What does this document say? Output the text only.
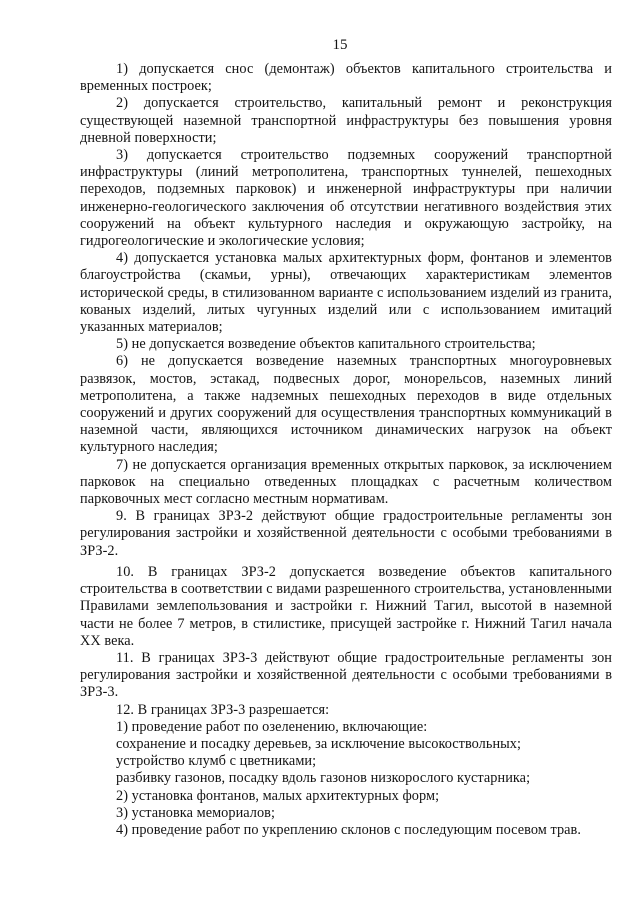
15

1) допускается снос (демонтаж) объектов капитального строительства и временных построек;

2) допускается строительство, капитальный ремонт и реконструкция существующей наземной транспортной инфраструктуры без повышения уровня дневной поверхности;

3) допускается строительство подземных сооружений транспортной инфраструктуры (линий метрополитена, транспортных туннелей, пешеходных переходов, подземных парковок) и инженерной инфраструктуры при наличии инженерно-геологического заключения об отсутствии негативного воздействия этих сооружений на объект культурного наследия и окружающую застройку, на гидрогеологические и экологические условия;

4) допускается установка малых архитектурных форм, фонтанов и элементов благоустройства (скамьи, урны), отвечающих характеристикам элементов исторической среды, в стилизованном варианте с использованием изделий из гранита, кованых изделий, литых чугунных изделий или с использованием имитаций указанных материалов;

5) не допускается возведение объектов капитального строительства;

6) не допускается возведение наземных транспортных многоуровневых развязок, мостов, эстакад, подвесных дорог, монорельсов, наземных линий метрополитена, а также надземных пешеходных переходов в виде отдельных сооружений и других сооружений для осуществления транспортных коммуникаций в наземной части, являющихся источником динамических нагрузок на объект культурного наследия;

7) не допускается организация временных открытых парковок, за исключением парковок на специально отведенных площадках с расчетным количеством парковочных мест согласно местным нормативам.

9. В границах ЗРЗ-2 действуют общие градостроительные регламенты зон регулирования застройки и хозяйственной деятельности с особыми требованиями в ЗРЗ-2.

10. В границах ЗРЗ-2 допускается возведение объектов капитального строительства в соответствии с видами разрешенного строительства, установленными Правилами землепользования и застройки г. Нижний Тагил, высотой в наземной части не более 7 метров, в стилистике, присущей застройке г. Нижний Тагил начала XX века.

11. В границах ЗРЗ-3 действуют общие градостроительные регламенты зон регулирования застройки и хозяйственной деятельности с особыми требованиями в ЗРЗ-3.

12. В границах ЗРЗ-3 разрешается:

1) проведение работ по озеленению, включающие:

сохранение и посадку деревьев, за исключение высокоствольных;

устройство клумб с цветниками;

разбивку газонов, посадку вдоль газонов низкорослого кустарника;

2) установка фонтанов, малых архитектурных форм;

3) установка мемориалов;

4) проведение работ по укреплению склонов с последующим посевом трав.
